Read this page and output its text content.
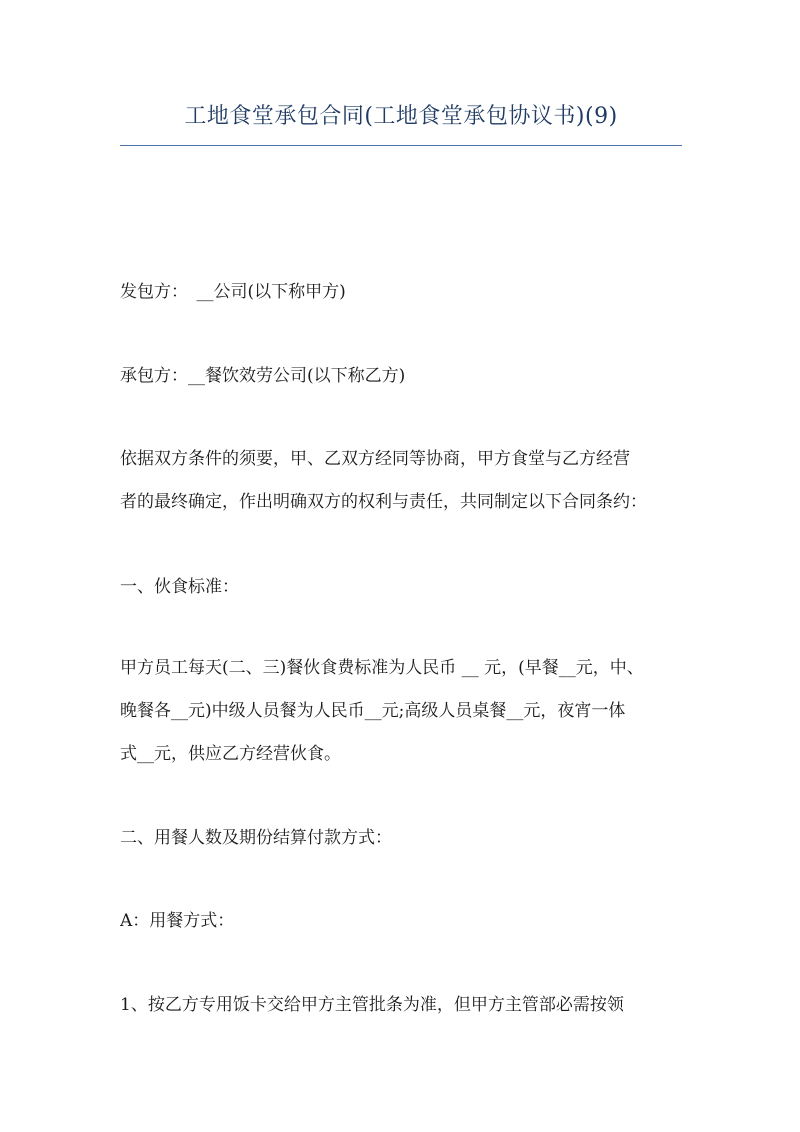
工地食堂承包合同(工地食堂承包协议书)(9)
发包方：　__公司(以下称甲方)
承包方：__餐饮效劳公司(以下称乙方)
依据双方条件的须要，甲、乙双方经同等协商，甲方食堂与乙方经营
者的最终确定，作出明确双方的权利与责任，共同制定以下合同条约：
一、伙食标准：
甲方员工每天(二、三)餐伙食费标准为人民币 __ 元，(早餐__元，中、
晚餐各__元)中级人员餐为人民币__元;高级人员桌餐__元，夜宵一体
式__元，供应乙方经营伙食。
二、用餐人数及期份结算付款方式：
A：用餐方式：
1、按乙方专用饭卡交给甲方主管批条为准，但甲方主管部必需按领
